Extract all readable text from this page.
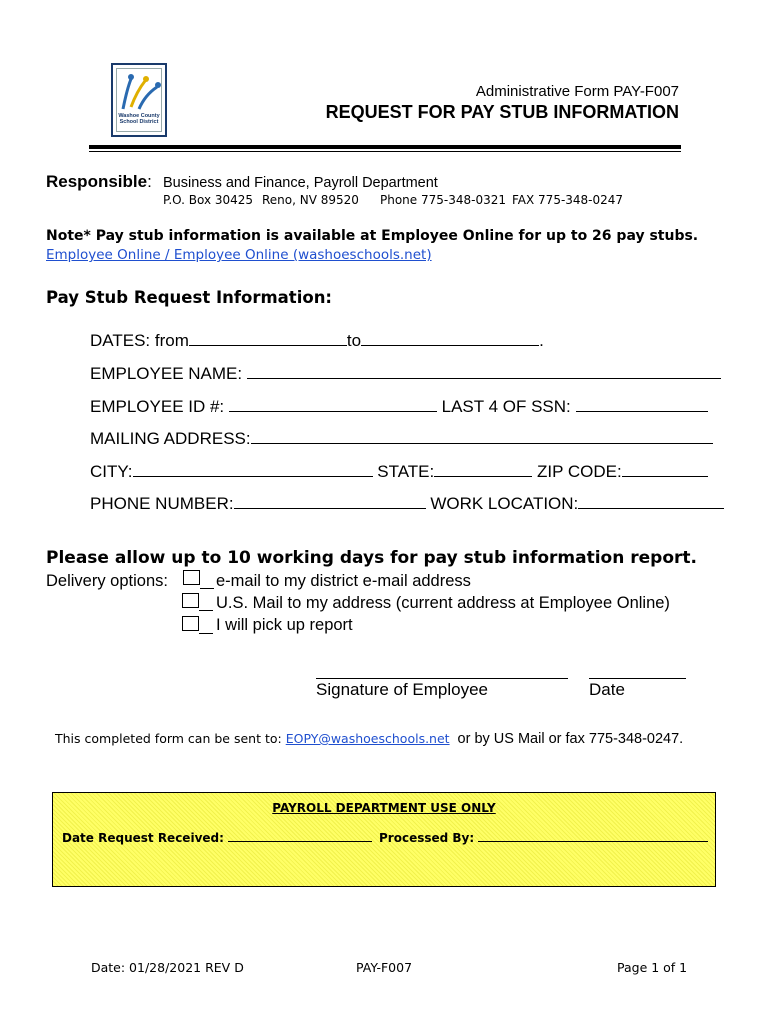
Washoe County School District
Administrative Form PAY-F007
REQUEST FOR PAY STUB INFORMATION
Responsible: Business and Finance, Payroll Department
P.O. Box 30425 Reno, NV 89520 Phone 775-348-0321 FAX 775-348-0247
Note* Pay stub information is available at Employee Online for up to 26 pay stubs.
Employee Online / Employee Online (washoeschools.net)
Pay Stub Request Information:
DATES: from	to	.
EMPLOYEE NAME:
EMPLOYEE ID #:	LAST 4 OF SSN:
MAILING ADDRESS:
CITY:	STATE:	ZIP CODE:
PHONE NUMBER:	WORK LOCATION:
Please allow up to 10 working days for pay stub information report.
Delivery options:	e-mail to my district e-mail address
U.S. Mail to my address (current address at Employee Online)
I will pick up report
Signature of Employee	Date
This completed form can be sent to: EOPY@washoeschools.net or by US Mail or fax 775-348-0247.
PAYROLL DEPARTMENT USE ONLY
Date Request Received:	Processed By:
Date: 01/28/2021 REV D	PAY-F007	Page 1 of 1
